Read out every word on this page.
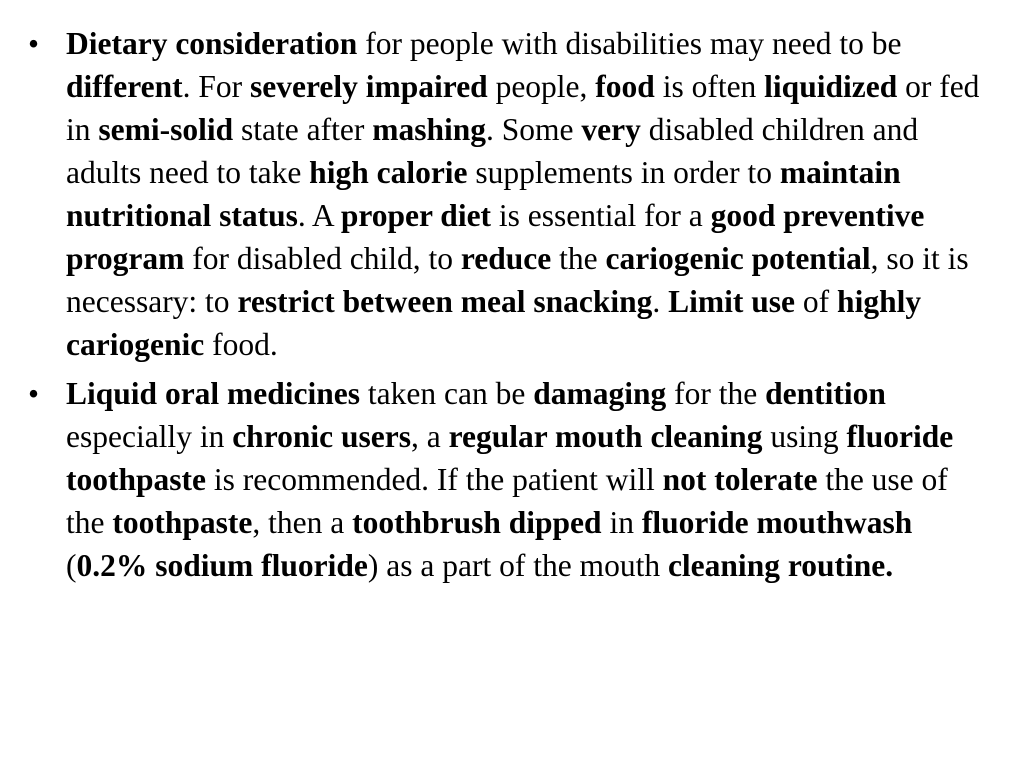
• Dietary consideration for people with disabilities may need to be different. For severely impaired people, food is often liquidized or fed in semi-solid state after mashing. Some very disabled children and adults need to take high calorie supplements in order to maintain nutritional status. A proper diet is essential for a good preventive program for disabled child, to reduce the cariogenic potential, so it is necessary: to restrict between meal snacking. Limit use of highly cariogenic food.
• Liquid oral medicines taken can be damaging for the dentition especially in chronic users, a regular mouth cleaning using fluoride toothpaste is recommended. If the patient will not tolerate the use of the toothpaste, then a toothbrush dipped in fluoride mouthwash (0.2% sodium fluoride) as a part of the mouth cleaning routine.
